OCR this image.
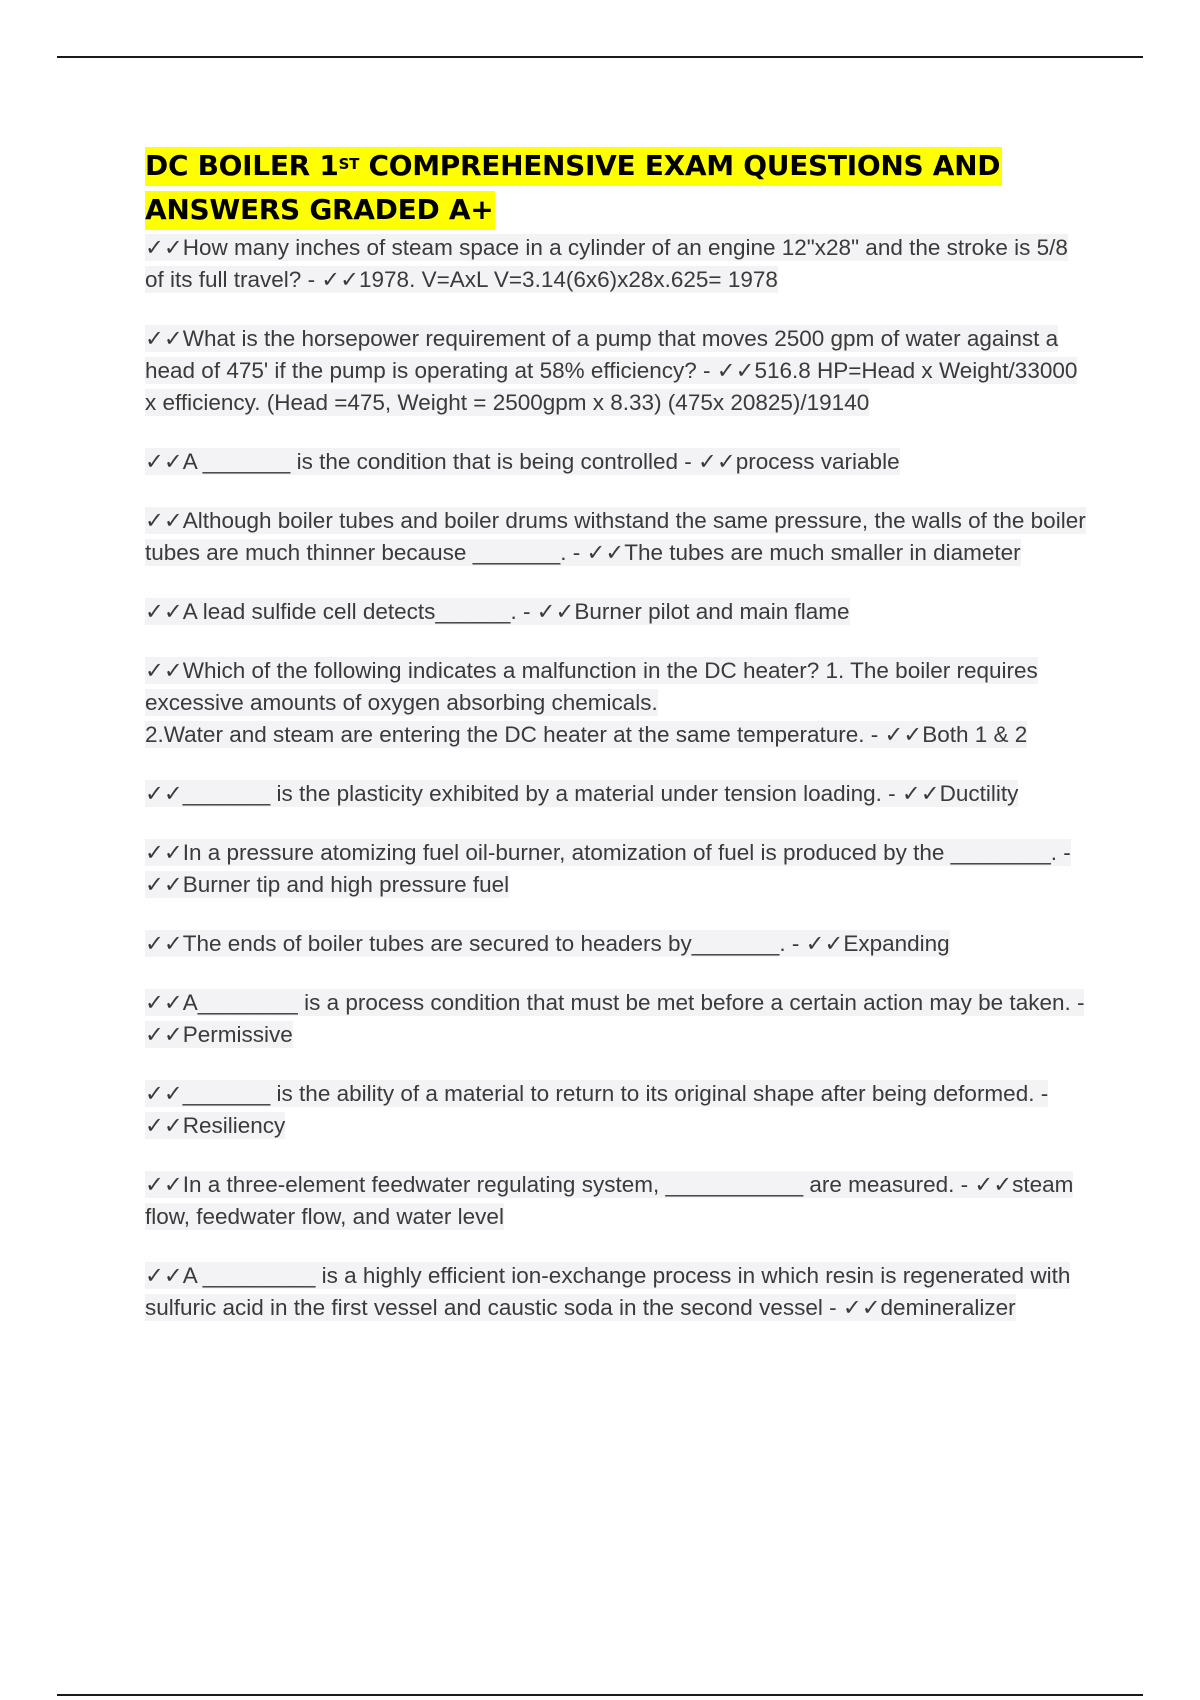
DC BOILER 1ST COMPREHENSIVE EXAM QUESTIONS AND ANSWERS GRADED A+
✓✓How many inches of steam space in a cylinder of an engine 12"x28" and the stroke is 5/8 of its full travel? - ✓✓1978. V=AxL V=3.14(6x6)x28x.625= 1978
✓✓What is the horsepower requirement of a pump that moves 2500 gpm of water against a head of 475' if the pump is operating at 58% efficiency? - ✓✓516.8 HP=Head x Weight/33000 x efficiency. (Head =475, Weight = 2500gpm x 8.33) (475x 20825)/19140
✓✓A _______ is the condition that is being controlled - ✓✓process variable
✓✓Although boiler tubes and boiler drums withstand the same pressure, the walls of the boiler tubes are much thinner because _______. - ✓✓The tubes are much smaller in diameter
✓✓A lead sulfide cell detects______. - ✓✓Burner pilot and main flame
✓✓Which of the following indicates a malfunction in the DC heater? 1. The boiler requires excessive amounts of oxygen absorbing chemicals.
2.Water and steam are entering the DC heater at the same temperature. - ✓✓Both 1 & 2
✓✓_______ is the plasticity exhibited by a material under tension loading. - ✓✓Ductility
✓✓In a pressure atomizing fuel oil-burner, atomization of fuel is produced by the ________. - ✓✓Burner tip and high pressure fuel
✓✓The ends of boiler tubes are secured to headers by_______. - ✓✓Expanding
✓✓A________ is a process condition that must be met before a certain action may be taken. - ✓✓Permissive
✓✓_______ is the ability of a material to return to its original shape after being deformed. - ✓✓Resiliency
✓✓In a three-element feedwater regulating system, ___________ are measured. - ✓✓steam flow, feedwater flow, and water level
✓✓A _________ is a highly efficient ion-exchange process in which resin is regenerated with sulfuric acid in the first vessel and caustic soda in the second vessel - ✓✓demineralizer
